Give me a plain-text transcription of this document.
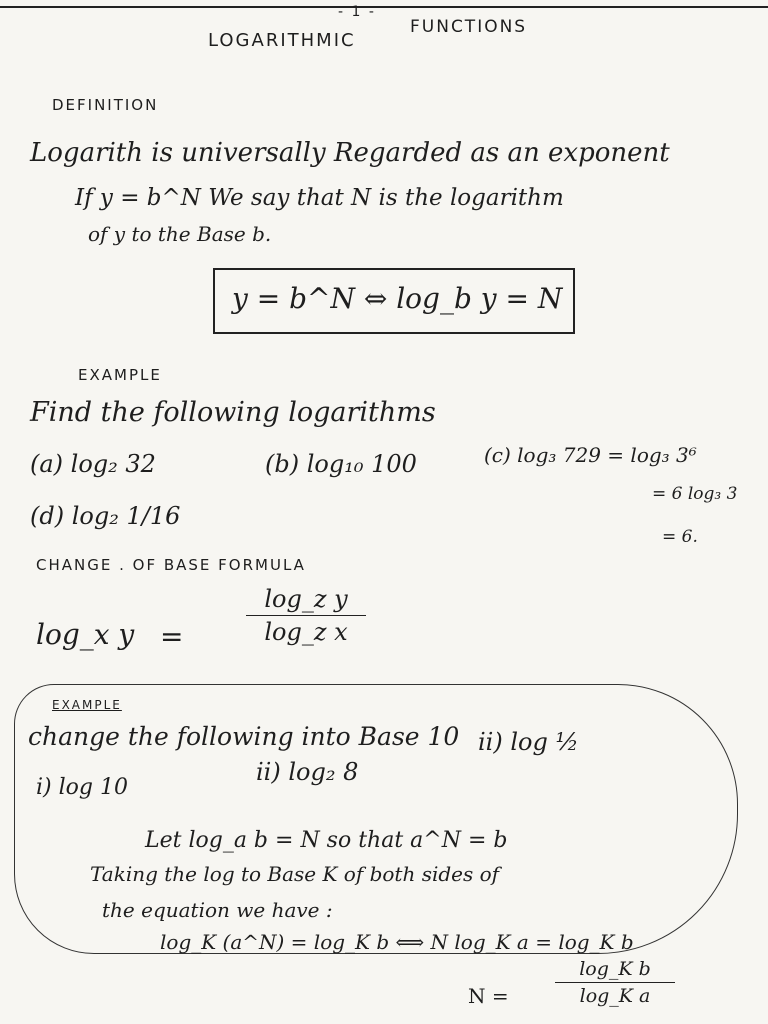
- 1 -
LOGARITHMIC
FUNCTIONS
DEFINITION
Logarith is universally Regarded as an exponent
If y = b^N We say that N is the logarithm
of y to the Base b.
y = b^N ⇔ log_b y = N
EXAMPLE
Find the following logarithms
(a) log₂ 32	(b) log₁₀ 100	(c) log₃ 729 = log₃ 3⁶
= 6 log₃ 3
= 6.
(d) log₂ 1/16
CHANGE . OF BASE FORMULA
log_x y =
log_z y
log_z x
EXAMPLE
change the following into Base 10
i) log 10
ii) log₂ 8
ii) log ½
Let log_a b = N so that a^N = b
Taking the log to Base K of both sides of
the equation we have :
log_K (a^N) = log_K b ⟺ N log_K a = log_K b
N =
log_K b
log_K a
